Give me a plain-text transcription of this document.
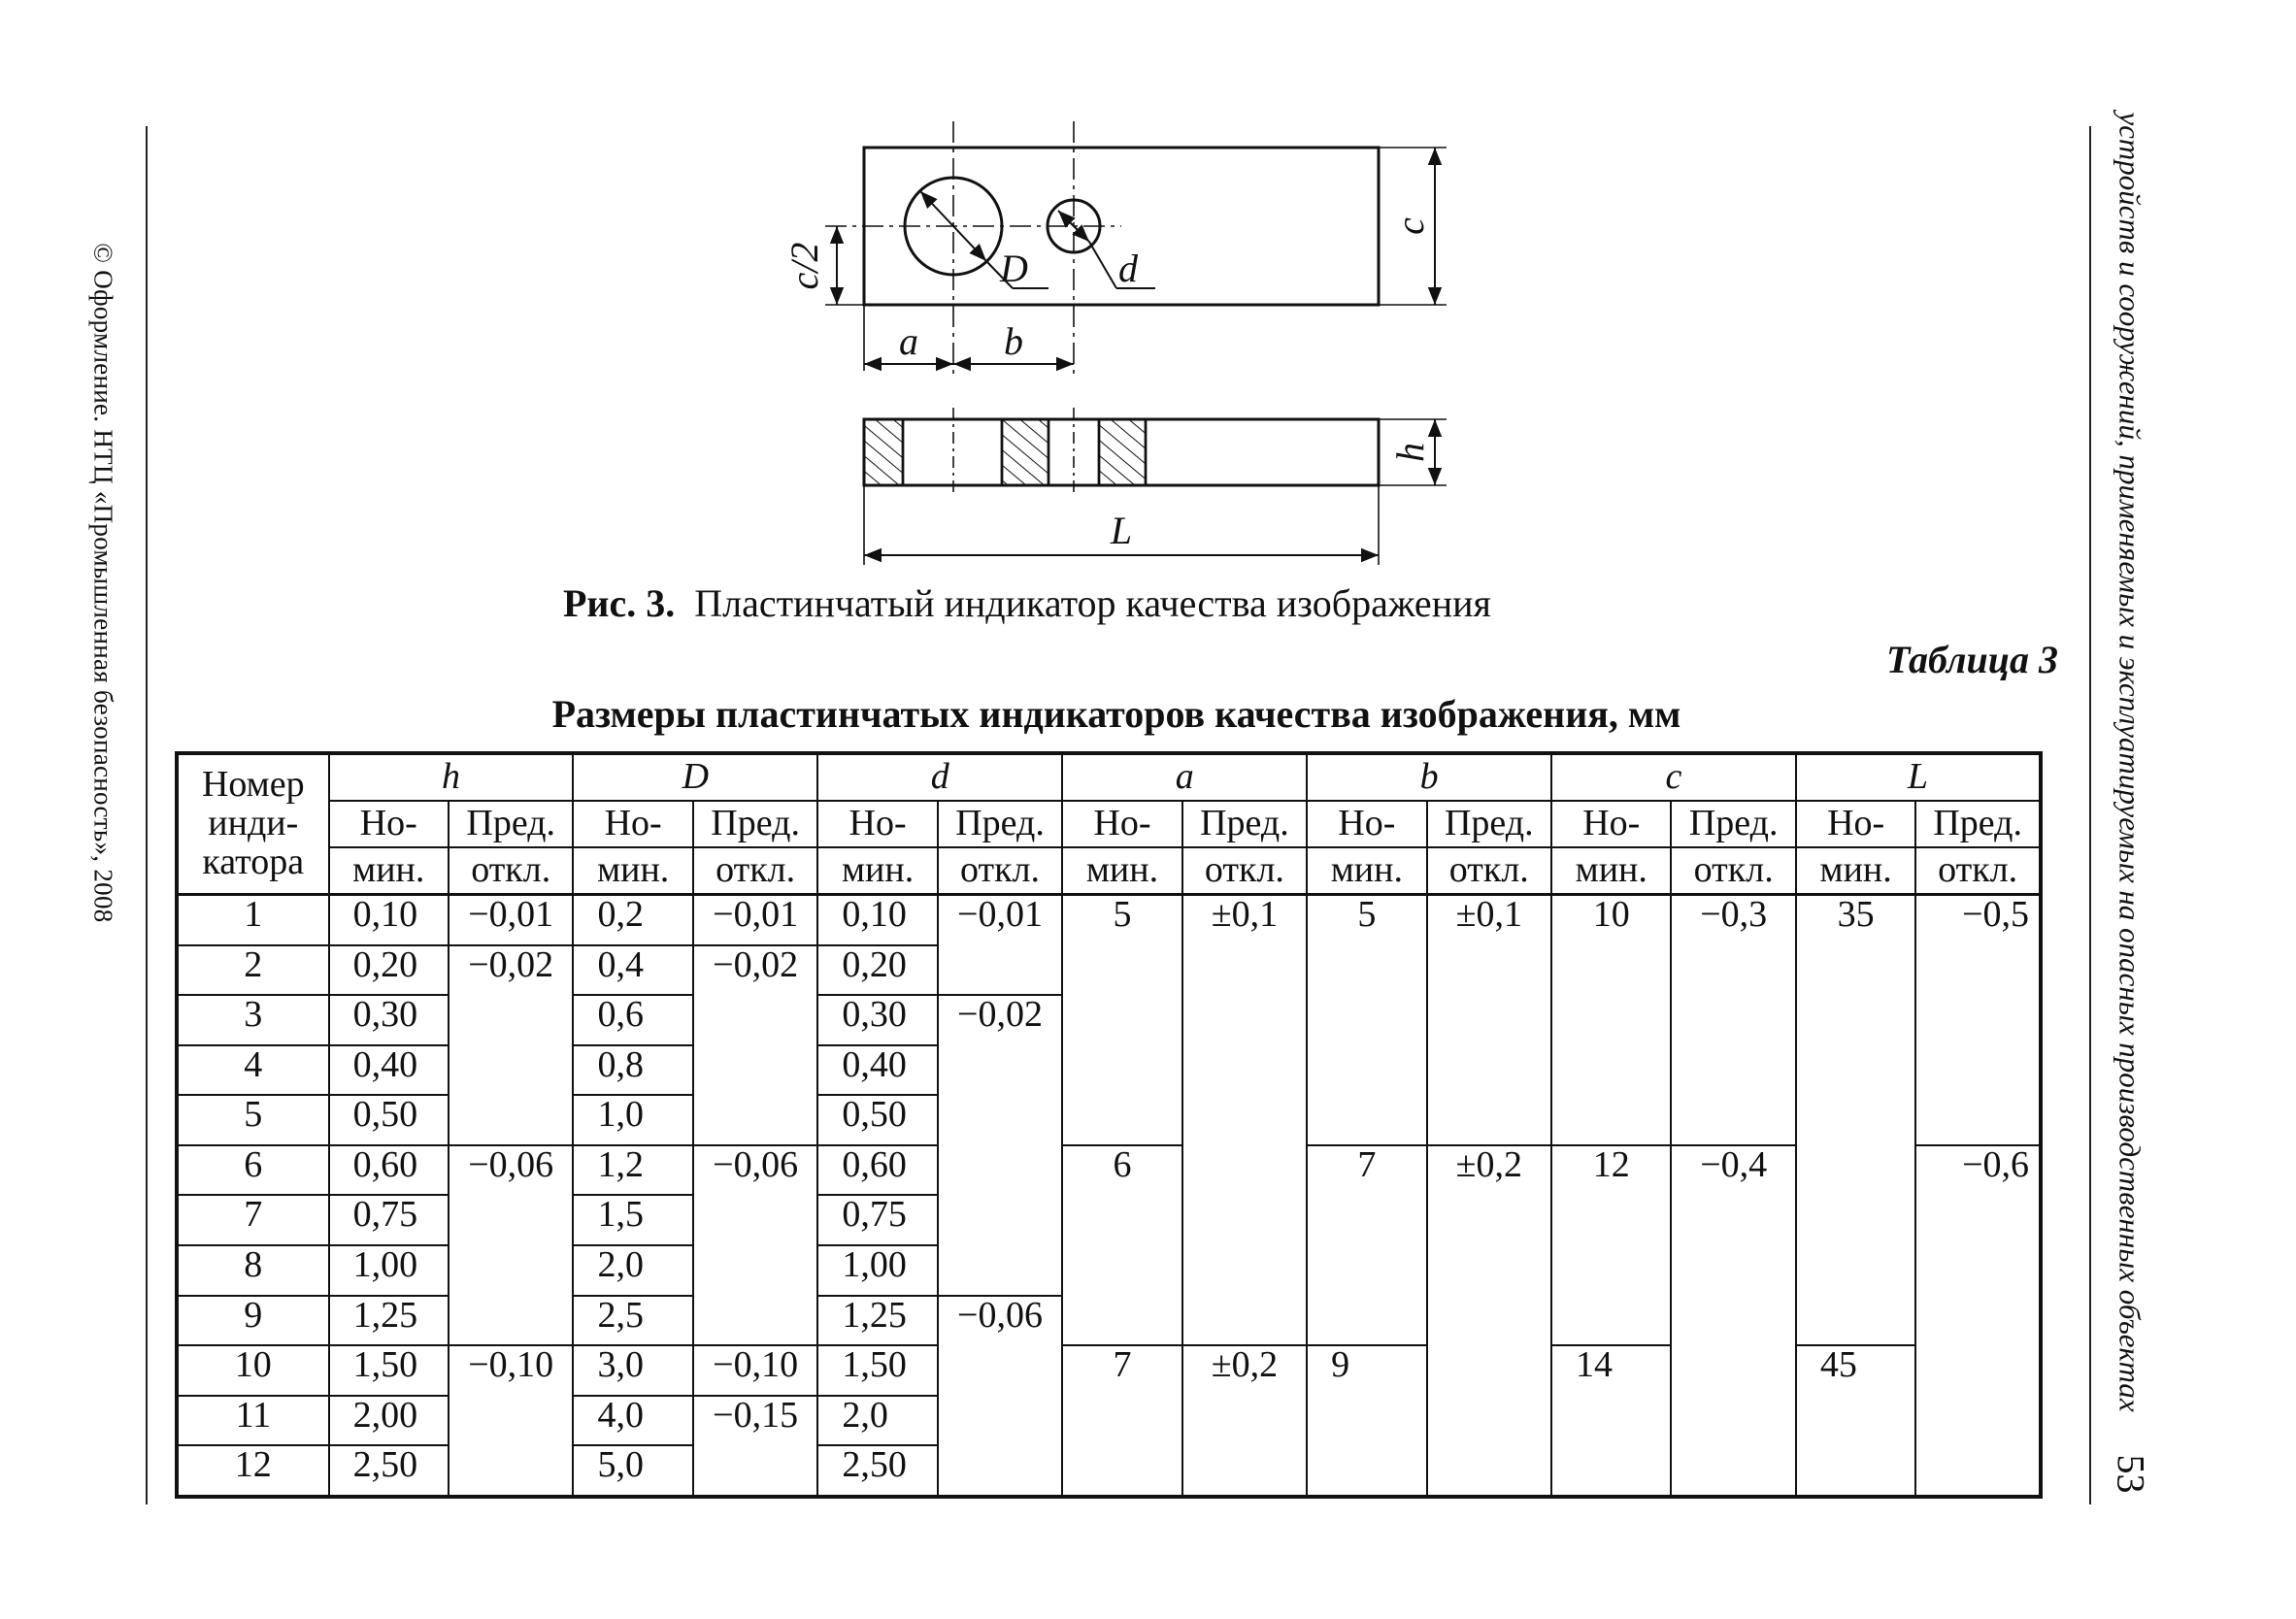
© Оформление. НТЦ «Промышленная безопасность», 2008	устройств и сооружений, применяемых и эксплуатируемых на опасных производственных объектах
53
c/2	D d
a b
c
h
L
Рис. 3. Пластинчатый индикатор качества изображения
Таблица 3
Размеры пластинчатых индикаторов качества изображения, мм
Номер
инди-
катора	h		D		d		a		b		c		L	
	Но-	Пред.	Но-	Пред.	Но-	Пред.	Но-	Пред.	Но-	Пред.	Но-	Пред.	Но-	Пред.
	мин.	откл.	мин.	откл.	мин.	откл.	мин.	откл.	мин.	откл.	мин.	откл.	мин.	откл.
1	0,10	−0,01	0,2	−0,01	0,10	−0,01	5	±0,1	5	±0,1	10	−0,3	35	−0,5
2	0,20	−0,02	0,4	−0,02	0,20									
3	0,30		0,6		0,30	−0,02								
4	0,40		0,8		0,40									
5	0,50		1,0		0,50									
6	0,60	−0,06	1,2	−0,06	0,60		6		7	±0,2	12	−0,4		−0,6
7	0,75		1,5		0,75									
8	1,00		2,0		1,00									
9	1,25		2,5		1,25	−0,06								
10	1,50	−0,10	3,0	−0,10	1,50		7	±0,2	9		14		45	
11	2,00		4,0	−0,15	2,0									
12	2,50		5,0		2,50									
